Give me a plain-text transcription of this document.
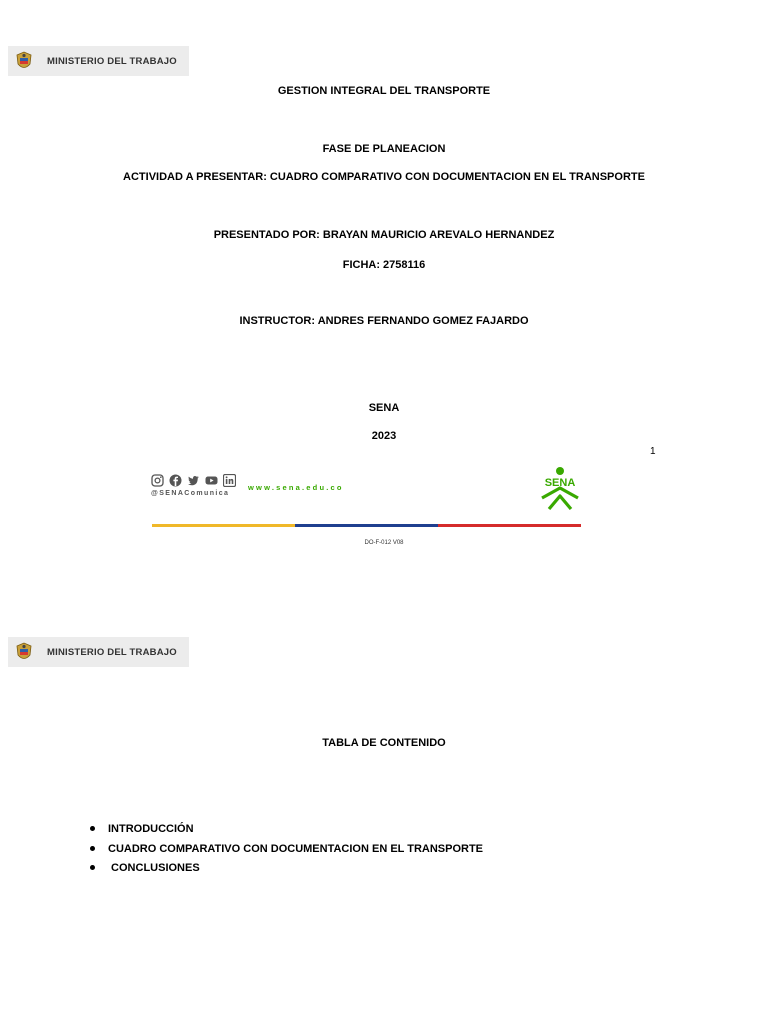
MINISTERIO DEL TRABAJO
GESTION INTEGRAL DEL TRANSPORTE
FASE DE PLANEACION
ACTIVIDAD A PRESENTAR: CUADRO COMPARATIVO CON DOCUMENTACION EN EL TRANSPORTE
PRESENTADO POR: BRAYAN MAURICIO AREVALO HERNANDEZ
FICHA: 2758116
INSTRUCTOR: ANDRES FERNANDO GOMEZ FAJARDO
SENA
2023
1
@SENAComunica
www.sena.edu.co	SENA
DO-F-012 V08
MINISTERIO DEL TRABAJO
TABLA DE CONTENIDO
INTRODUCCIÓN
CUADRO COMPARATIVO CON DOCUMENTACION EN EL TRANSPORTE
CONCLUSIONES
